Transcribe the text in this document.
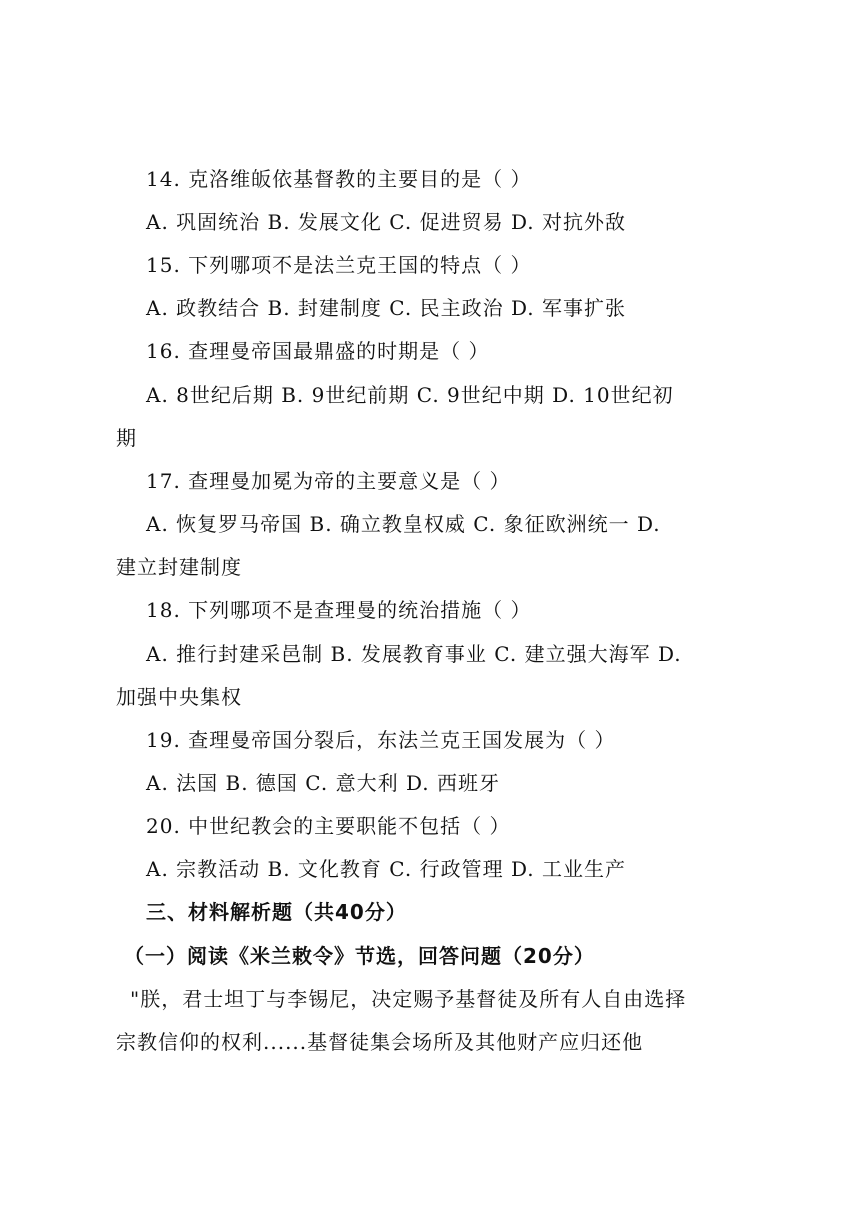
14. 克洛维皈依基督教的主要目的是（ ）
A. 巩固统治 B. 发展文化 C. 促进贸易 D. 对抗外敌
15. 下列哪项不是法兰克王国的特点（ ）
A. 政教结合 B. 封建制度 C. 民主政治 D. 军事扩张
16. 查理曼帝国最鼎盛的时期是（ ）
A. 8世纪后期 B. 9世纪前期 C. 9世纪中期 D. 10世纪初
期
17. 查理曼加冕为帝的主要意义是（ ）
A. 恢复罗马帝国 B. 确立教皇权威 C. 象征欧洲统一 D.
建立封建制度
18. 下列哪项不是查理曼的统治措施（ ）
A. 推行封建采邑制 B. 发展教育事业 C. 建立强大海军 D.
加强中央集权
19. 查理曼帝国分裂后，东法兰克王国发展为（ ）
A. 法国 B. 德国 C. 意大利 D. 西班牙
20. 中世纪教会的主要职能不包括（ ）
A. 宗教活动 B. 文化教育 C. 行政管理 D. 工业生产
三、材料解析题（共40分）
（一）阅读《米兰敕令》节选，回答问题（20分）
"朕，君士坦丁与李锡尼，决定赐予基督徒及所有人自由选择
宗教信仰的权利......基督徒集会场所及其他财产应归还他
